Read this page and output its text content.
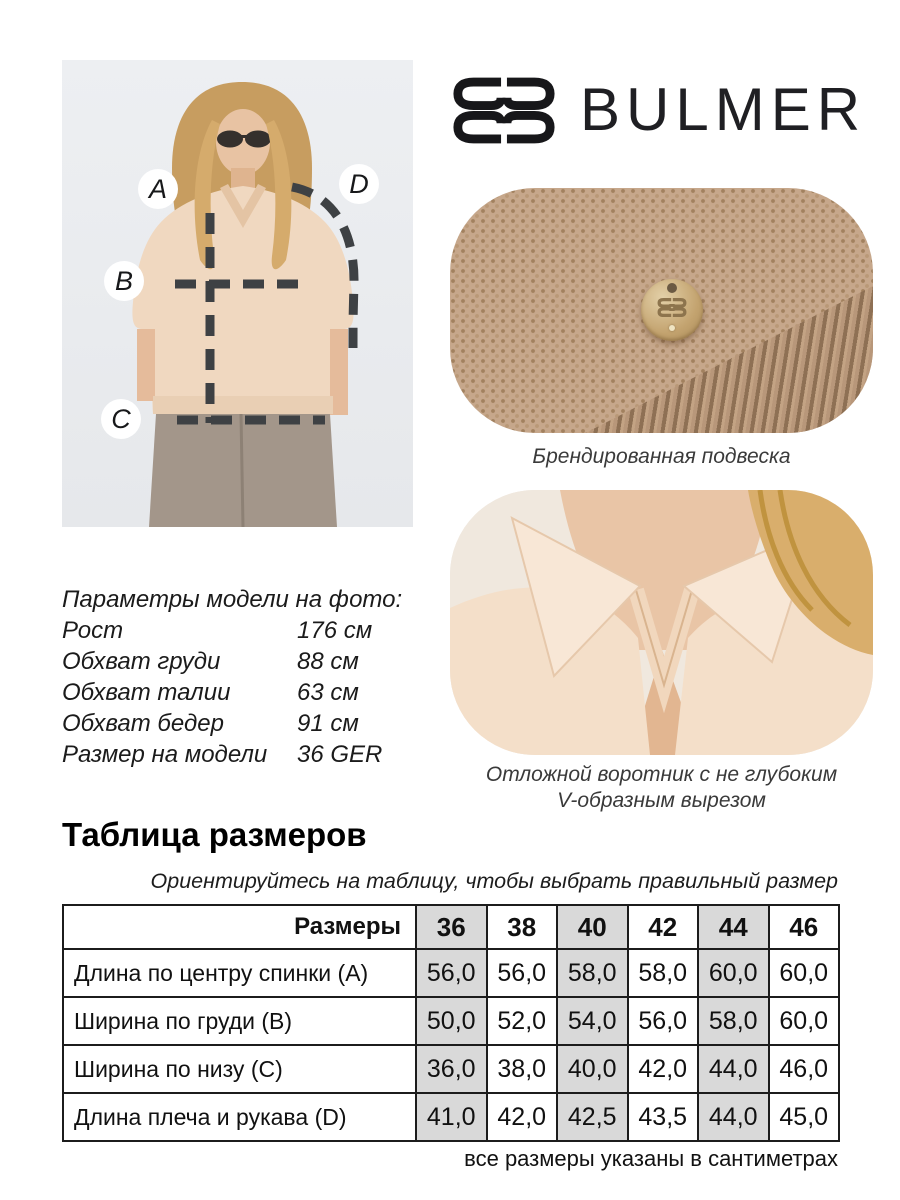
A
B
C
D
BULMER
Брендированная подвеска
Отложной воротник с не глубоким
V-образным вырезом
Параметры модели на фото:
Рост	176 см
Обхват груди	88 см
Обхват талии	63 см
Обхват бедер	91 см
Размер на модели	36 GER
Таблица размеров
Ориентируйтесь на таблицу, чтобы выбрать правильный размер
Размеры	36	38	40	42	44	46
Длина по центру спинки (A)	56,0	56,0	58,0	58,0	60,0	60,0
Ширина по груди (B)	50,0	52,0	54,0	56,0	58,0	60,0
Ширина по низу (C)	36,0	38,0	40,0	42,0	44,0	46,0
Длина плеча и рукава (D)	41,0	42,0	42,5	43,5	44,0	45,0
все размеры указаны в сантиметрах
